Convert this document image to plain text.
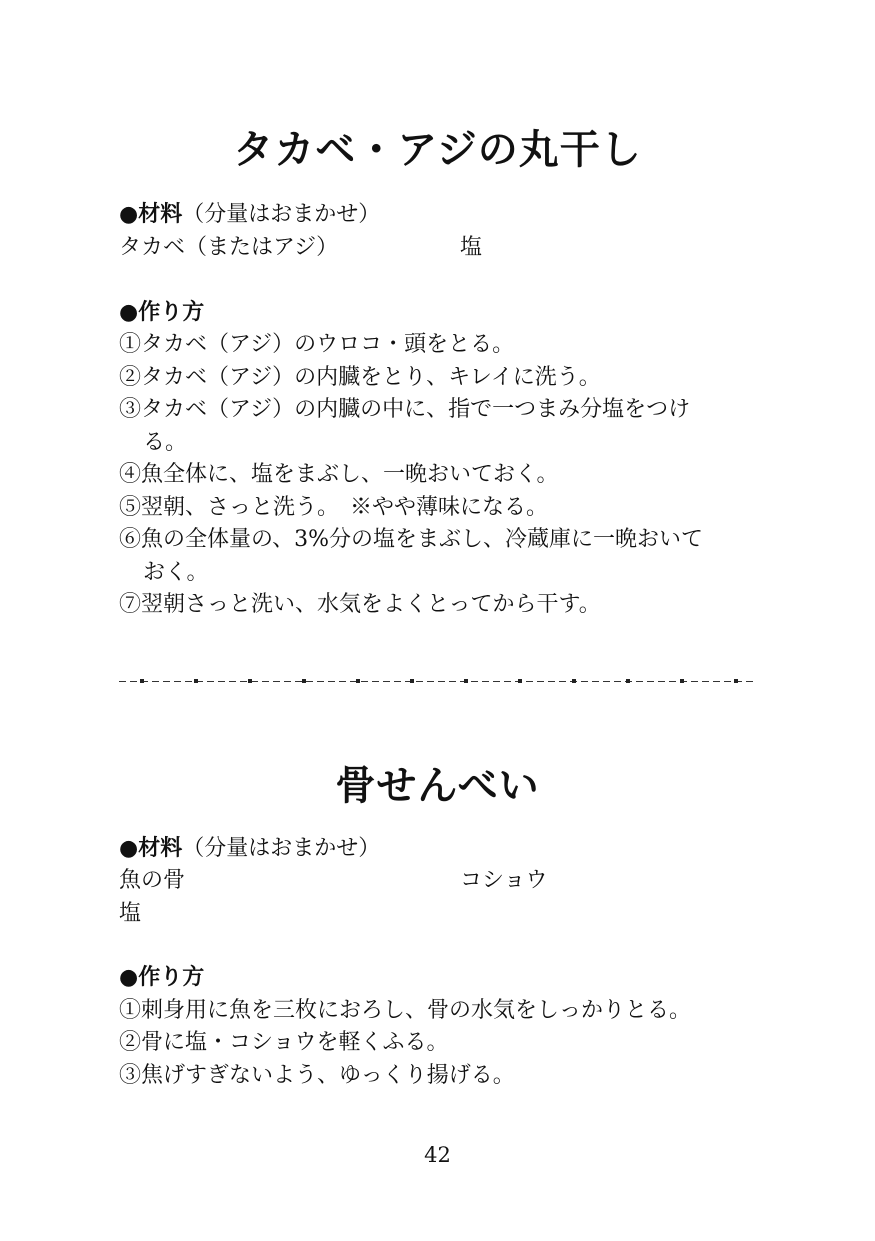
タカベ・アジの丸干し
●材料（分量はおまかせ）
タカベ（またはアジ）	塩
●作り方
①タカベ（アジ）のウロコ・頭をとる。
②タカベ（アジ）の内臓をとり、キレイに洗う。
③タカベ（アジ）の内臓の中に、指で一つまみ分塩をつけ
る。
④魚全体に、塩をまぶし、一晩おいておく。
⑤翌朝、さっと洗う。　※やや薄味になる。
⑥魚の全体量の、3%分の塩をまぶし、冷蔵庫に一晩おいて
おく。
⑦翌朝さっと洗い、水気をよくとってから干す。
骨せんべい
●材料（分量はおまかせ）
魚の骨	コショウ
塩
●作り方
①刺身用に魚を三枚におろし、骨の水気をしっかりとる。
②骨に塩・コショウを軽くふる。
③焦げすぎないよう、ゆっくり揚げる。
42
